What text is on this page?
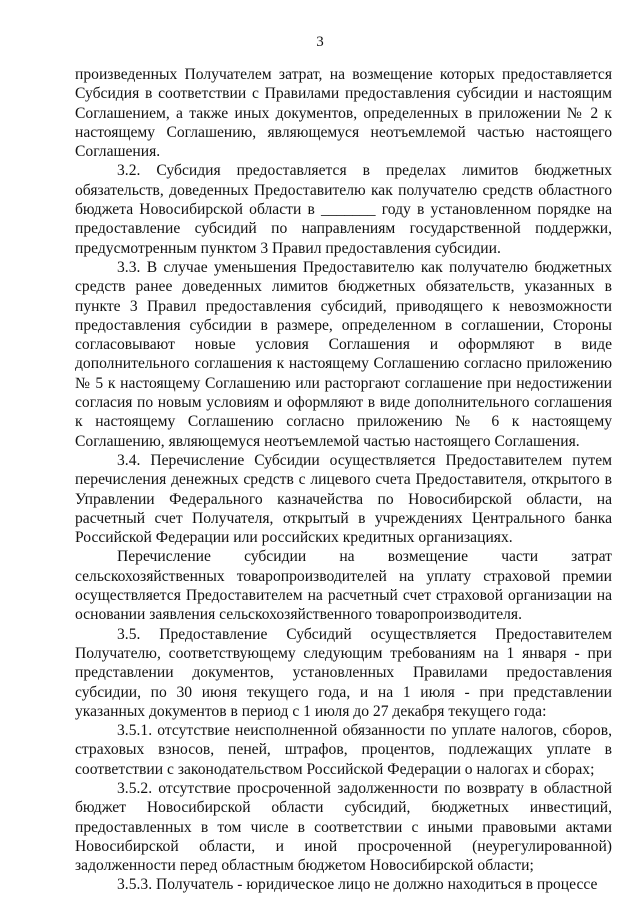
3

произведенных Получателем затрат, на возмещение которых предоставляется Субсидия в соответствии с Правилами предоставления субсидии и настоящим Соглашением, а также иных документов, определенных в приложении № 2 к настоящему Соглашению, являющемуся неотъемлемой частью настоящего Соглашения.

3.2. Субсидия предоставляется в пределах лимитов бюджетных обязательств, доведенных Предоставителю как получателю средств областного бюджета Новосибирской области в _______ году в установленном порядке на предоставление субсидий по направлениям государственной поддержки, предусмотренным пунктом 3 Правил предоставления субсидии.

3.3. В случае уменьшения Предоставителю как получателю бюджетных средств ранее доведенных лимитов бюджетных обязательств, указанных в пункте 3 Правил предоставления субсидий, приводящего к невозможности предоставления субсидии в размере, определенном в соглашении, Стороны согласовывают новые условия Соглашения и оформляют в виде дополнительного соглашения к настоящему Соглашению согласно приложению № 5 к настоящему Соглашению или расторгают соглашение при недостижении согласия по новым условиям и оформляют в виде дополнительного соглашения к настоящему Соглашению согласно приложению № 6 к настоящему Соглашению, являющемуся неотъемлемой частью настоящего Соглашения.

3.4. Перечисление Субсидии осуществляется Предоставителем путем перечисления денежных средств с лицевого счета Предоставителя, открытого в Управлении Федерального казначейства по Новосибирской области, на расчетный счет Получателя, открытый в учреждениях Центрального банка Российской Федерации или российских кредитных организациях.

Перечисление субсидии на возмещение части затрат сельскохозяйственных товаропроизводителей на уплату страховой премии осуществляется Предоставителем на расчетный счет страховой организации на основании заявления сельскохозяйственного товаропроизводителя.

3.5. Предоставление Субсидий осуществляется Предоставителем Получателю, соответствующему следующим требованиям на 1 января - при представлении документов, установленных Правилами предоставления субсидии, по 30 июня текущего года, и на 1 июля - при представлении указанных документов в период с 1 июля до 27 декабря текущего года:

3.5.1. отсутствие неисполненной обязанности по уплате налогов, сборов, страховых взносов, пеней, штрафов, процентов, подлежащих уплате в соответствии с законодательством Российской Федерации о налогах и сборах;

3.5.2. отсутствие просроченной задолженности по возврату в областной бюджет Новосибирской области субсидий, бюджетных инвестиций, предоставленных в том числе в соответствии с иными правовыми актами Новосибирской области, и иной просроченной (неурегулированной) задолженности перед областным бюджетом Новосибирской области;

3.5.3. Получатель - юридическое лицо не должно находиться в процессе
